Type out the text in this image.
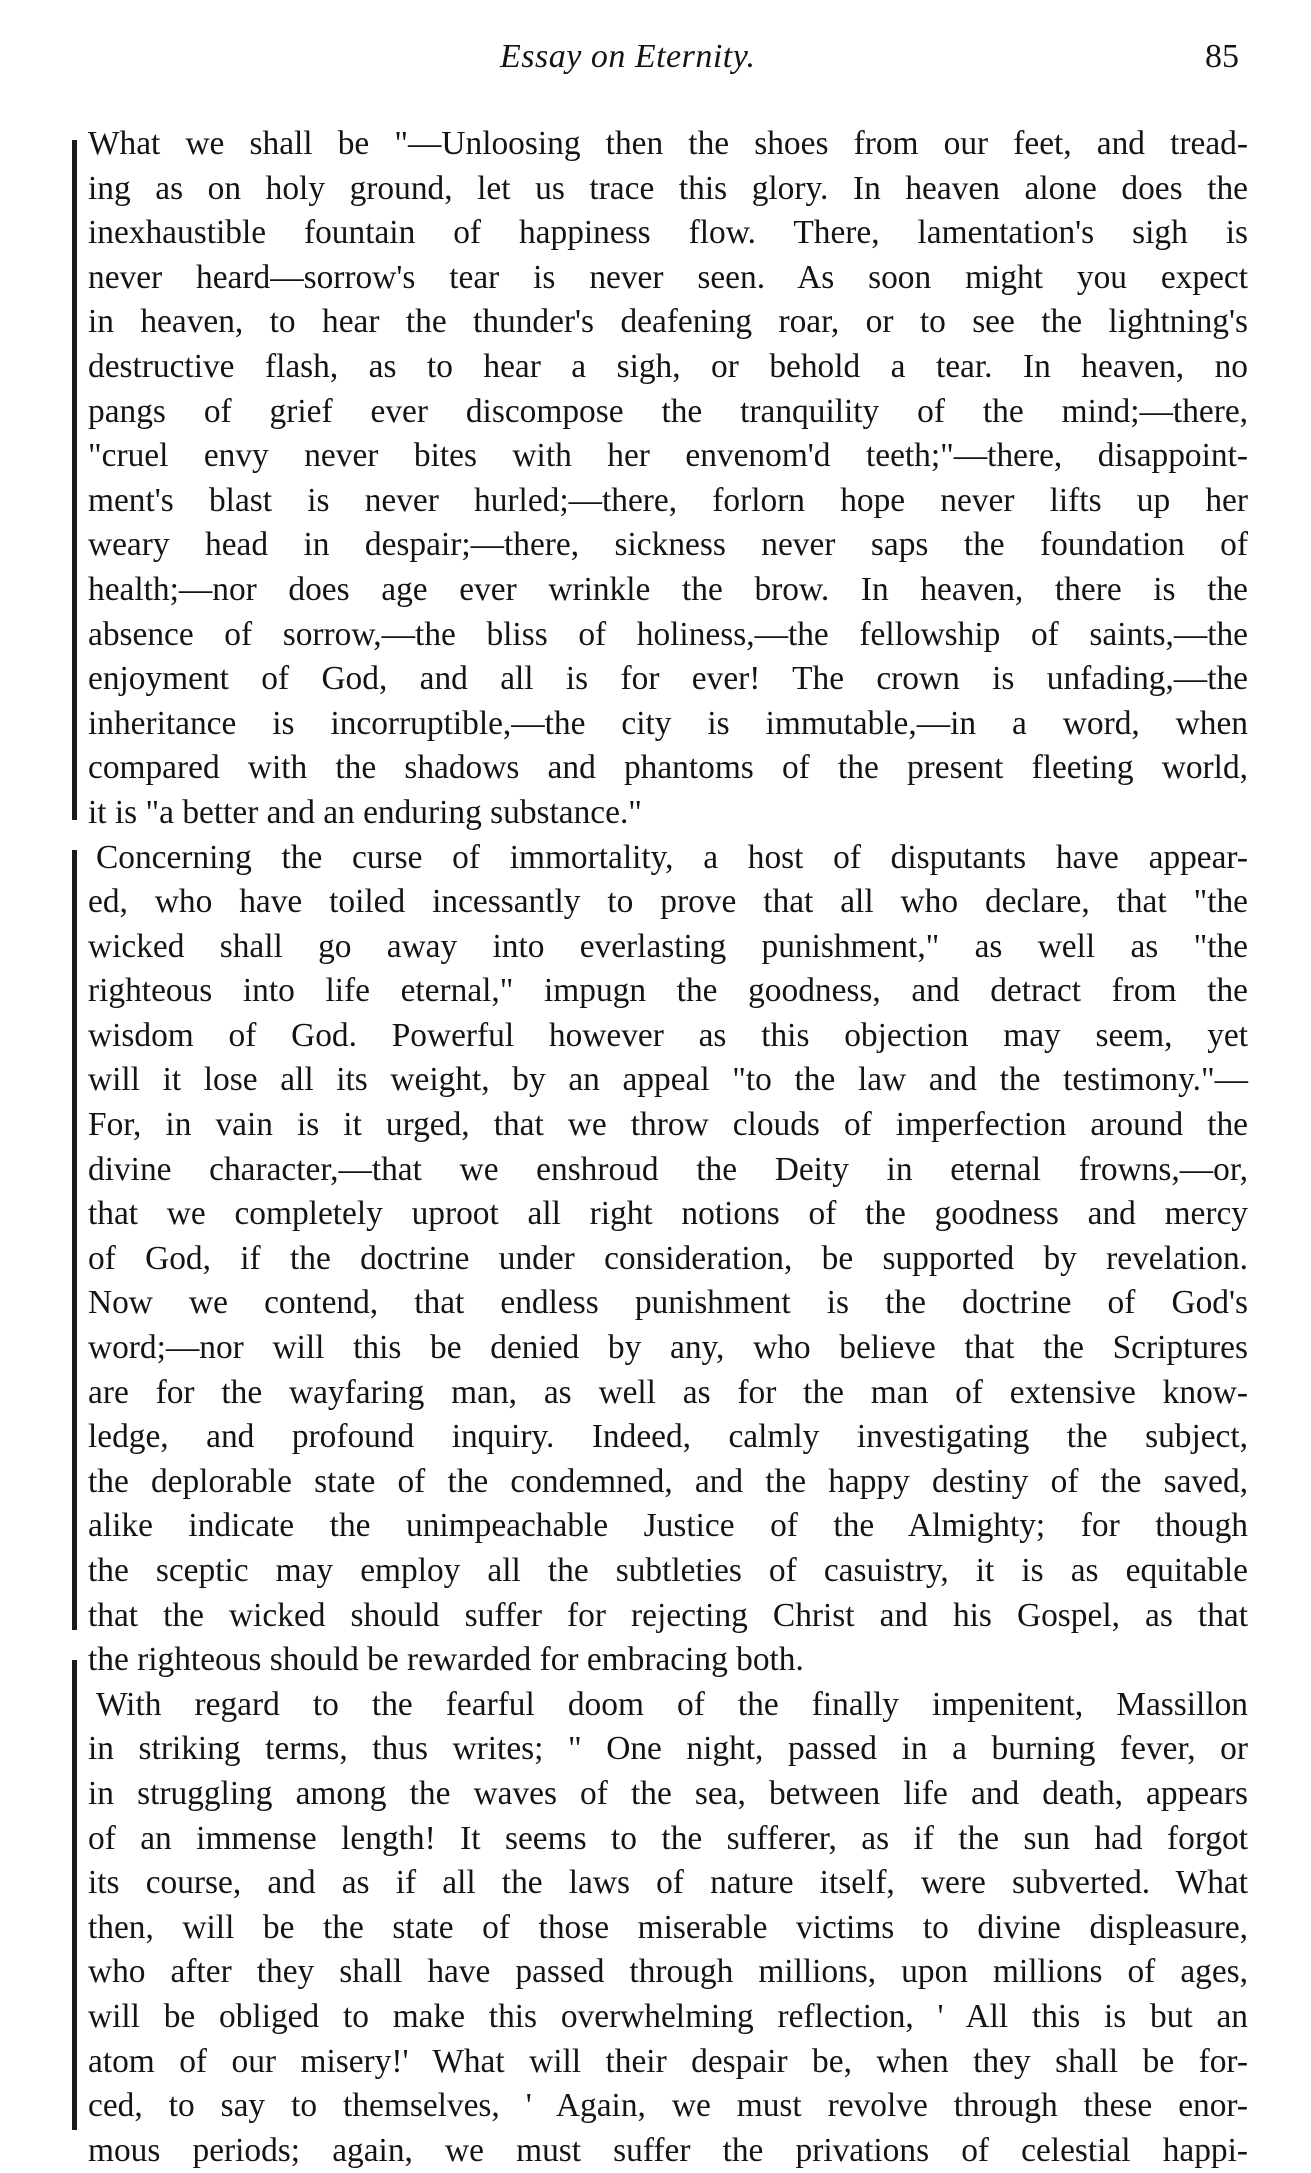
Essay on Eternity.	85
What we shall be "—Unloosing then the shoes from our feet, and tread-
ing as on holy ground, let us trace this glory. In heaven alone does the
inexhaustible fountain of happiness flow. There, lamentation's sigh is
never heard—sorrow's tear is never seen. As soon might you expect
in heaven, to hear the thunder's deafening roar, or to see the lightning's
destructive flash, as to hear a sigh, or behold a tear. In heaven, no
pangs of grief ever discompose the tranquility of the mind;—there,
"cruel envy never bites with her envenom'd teeth;"—there, disappoint-
ment's blast is never hurled;—there, forlorn hope never lifts up her
weary head in despair;—there, sickness never saps the foundation of
health;—nor does age ever wrinkle the brow. In heaven, there is the
absence of sorrow,—the bliss of holiness,—the fellowship of saints,—the
enjoyment of God, and all is for ever! The crown is unfading,—the
inheritance is incorruptible,—the city is immutable,—in a word, when
compared with the shadows and phantoms of the present fleeting world,
it is "a better and an enduring substance."
Concerning the curse of immortality, a host of disputants have appear-
ed, who have toiled incessantly to prove that all who declare, that "the
wicked shall go away into everlasting punishment," as well as "the
righteous into life eternal," impugn the goodness, and detract from the
wisdom of God. Powerful however as this objection may seem, yet
will it lose all its weight, by an appeal "to the law and the testimony."—
For, in vain is it urged, that we throw clouds of imperfection around the
divine character,—that we enshroud the Deity in eternal frowns,—or,
that we completely uproot all right notions of the goodness and mercy
of God, if the doctrine under consideration, be supported by revelation.
Now we contend, that endless punishment is the doctrine of God's
word;—nor will this be denied by any, who believe that the Scriptures
are for the wayfaring man, as well as for the man of extensive know-
ledge, and profound inquiry. Indeed, calmly investigating the subject,
the deplorable state of the condemned, and the happy destiny of the saved,
alike indicate the unimpeachable Justice of the Almighty; for though
the sceptic may employ all the subtleties of casuistry, it is as equitable
that the wicked should suffer for rejecting Christ and his Gospel, as that
the righteous should be rewarded for embracing both.
With regard to the fearful doom of the finally impenitent, Massillon
in striking terms, thus writes; " One night, passed in a burning fever, or
in struggling among the waves of the sea, between life and death, appears
of an immense length! It seems to the sufferer, as if the sun had forgot
its course, and as if all the laws of nature itself, were subverted. What
then, will be the state of those miserable victims to divine displeasure,
who after they shall have passed through millions, upon millions of ages,
will be obliged to make this overwhelming reflection, ' All this is but an
atom of our misery!' What will their despair be, when they shall be for-
ced, to say to themselves, ' Again, we must revolve through these enor-
mous periods; again, we must suffer the privations of celestial happi-
